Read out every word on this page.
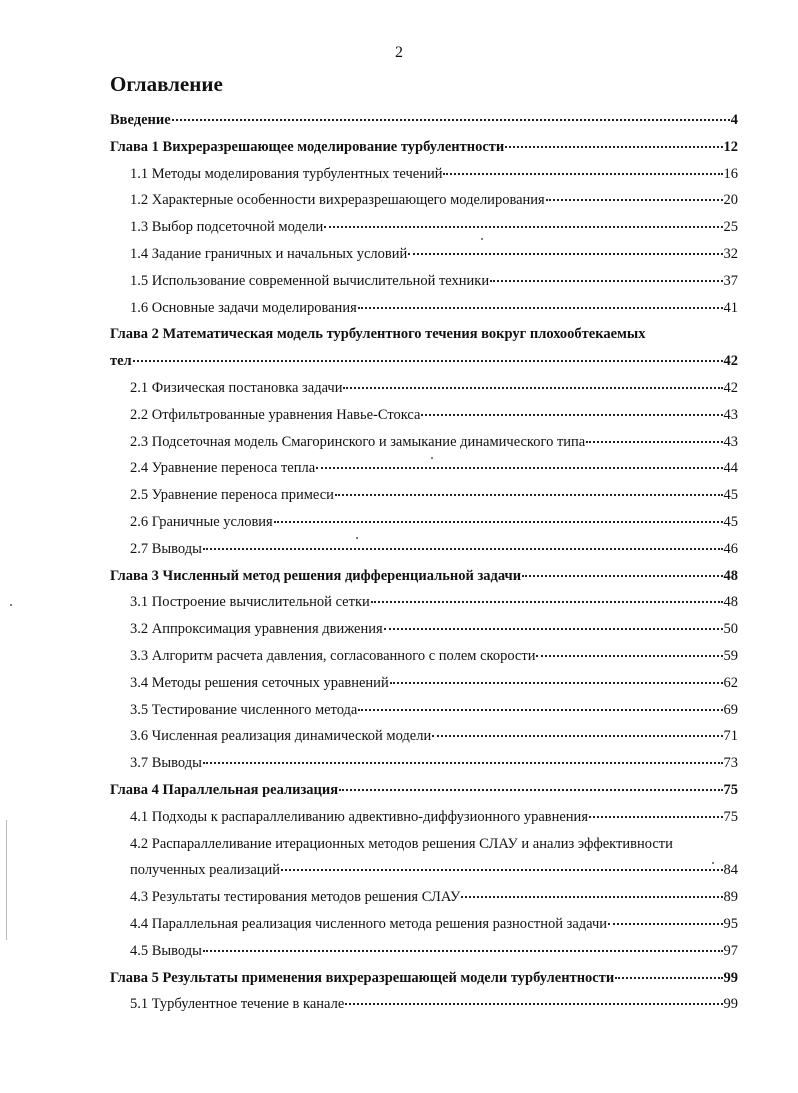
2
Оглавление
Введение	4
Глава 1 Вихреразрешающее моделирование турбулентности	12
1.1 Методы моделирования турбулентных течений	16
1.2 Характерные особенности вихреразрешающего моделирования	20
1.3 Выбор подсеточной модели	25
1.4 Задание граничных и начальных условий	32
1.5 Использование современной вычислительной техники	37
1.6 Основные задачи моделирования	41
Глава 2 Математическая модель турбулентного течения вокруг плохообтекаемых
тел	42
2.1 Физическая постановка задачи	42
2.2 Отфильтрованные уравнения Навье-Стокса	43
2.3 Подсеточная модель Смагоринского и замыкание динамического типа	43
2.4 Уравнение переноса тепла	44
2.5 Уравнение переноса примеси	45
2.6 Граничные условия	45
2.7 Выводы	46
Глава 3 Численный метод решения дифференциальной задачи	48
3.1 Построение вычислительной сетки	48
3.2 Аппроксимация уравнения движения	50
3.3 Алгоритм расчета давления, согласованного с полем скорости	59
3.4 Методы решения сеточных уравнений	62
3.5 Тестирование численного метода	69
3.6 Численная реализация динамической модели	71
3.7 Выводы	73
Глава 4 Параллельная реализация	75
4.1 Подходы к распараллеливанию адвективно-диффузионного уравнения	75
4.2 Распараллеливание итерационных методов решения СЛАУ и анализ эффективности
полученных реализаций	84
4.3 Результаты тестирования методов решения СЛАУ	89
4.4 Параллельная реализация численного метода решения разностной задачи	95
4.5 Выводы	97
Глава 5 Результаты применения вихреразрешающей модели турбулентности	99
5.1 Турбулентное течение в канале	99
